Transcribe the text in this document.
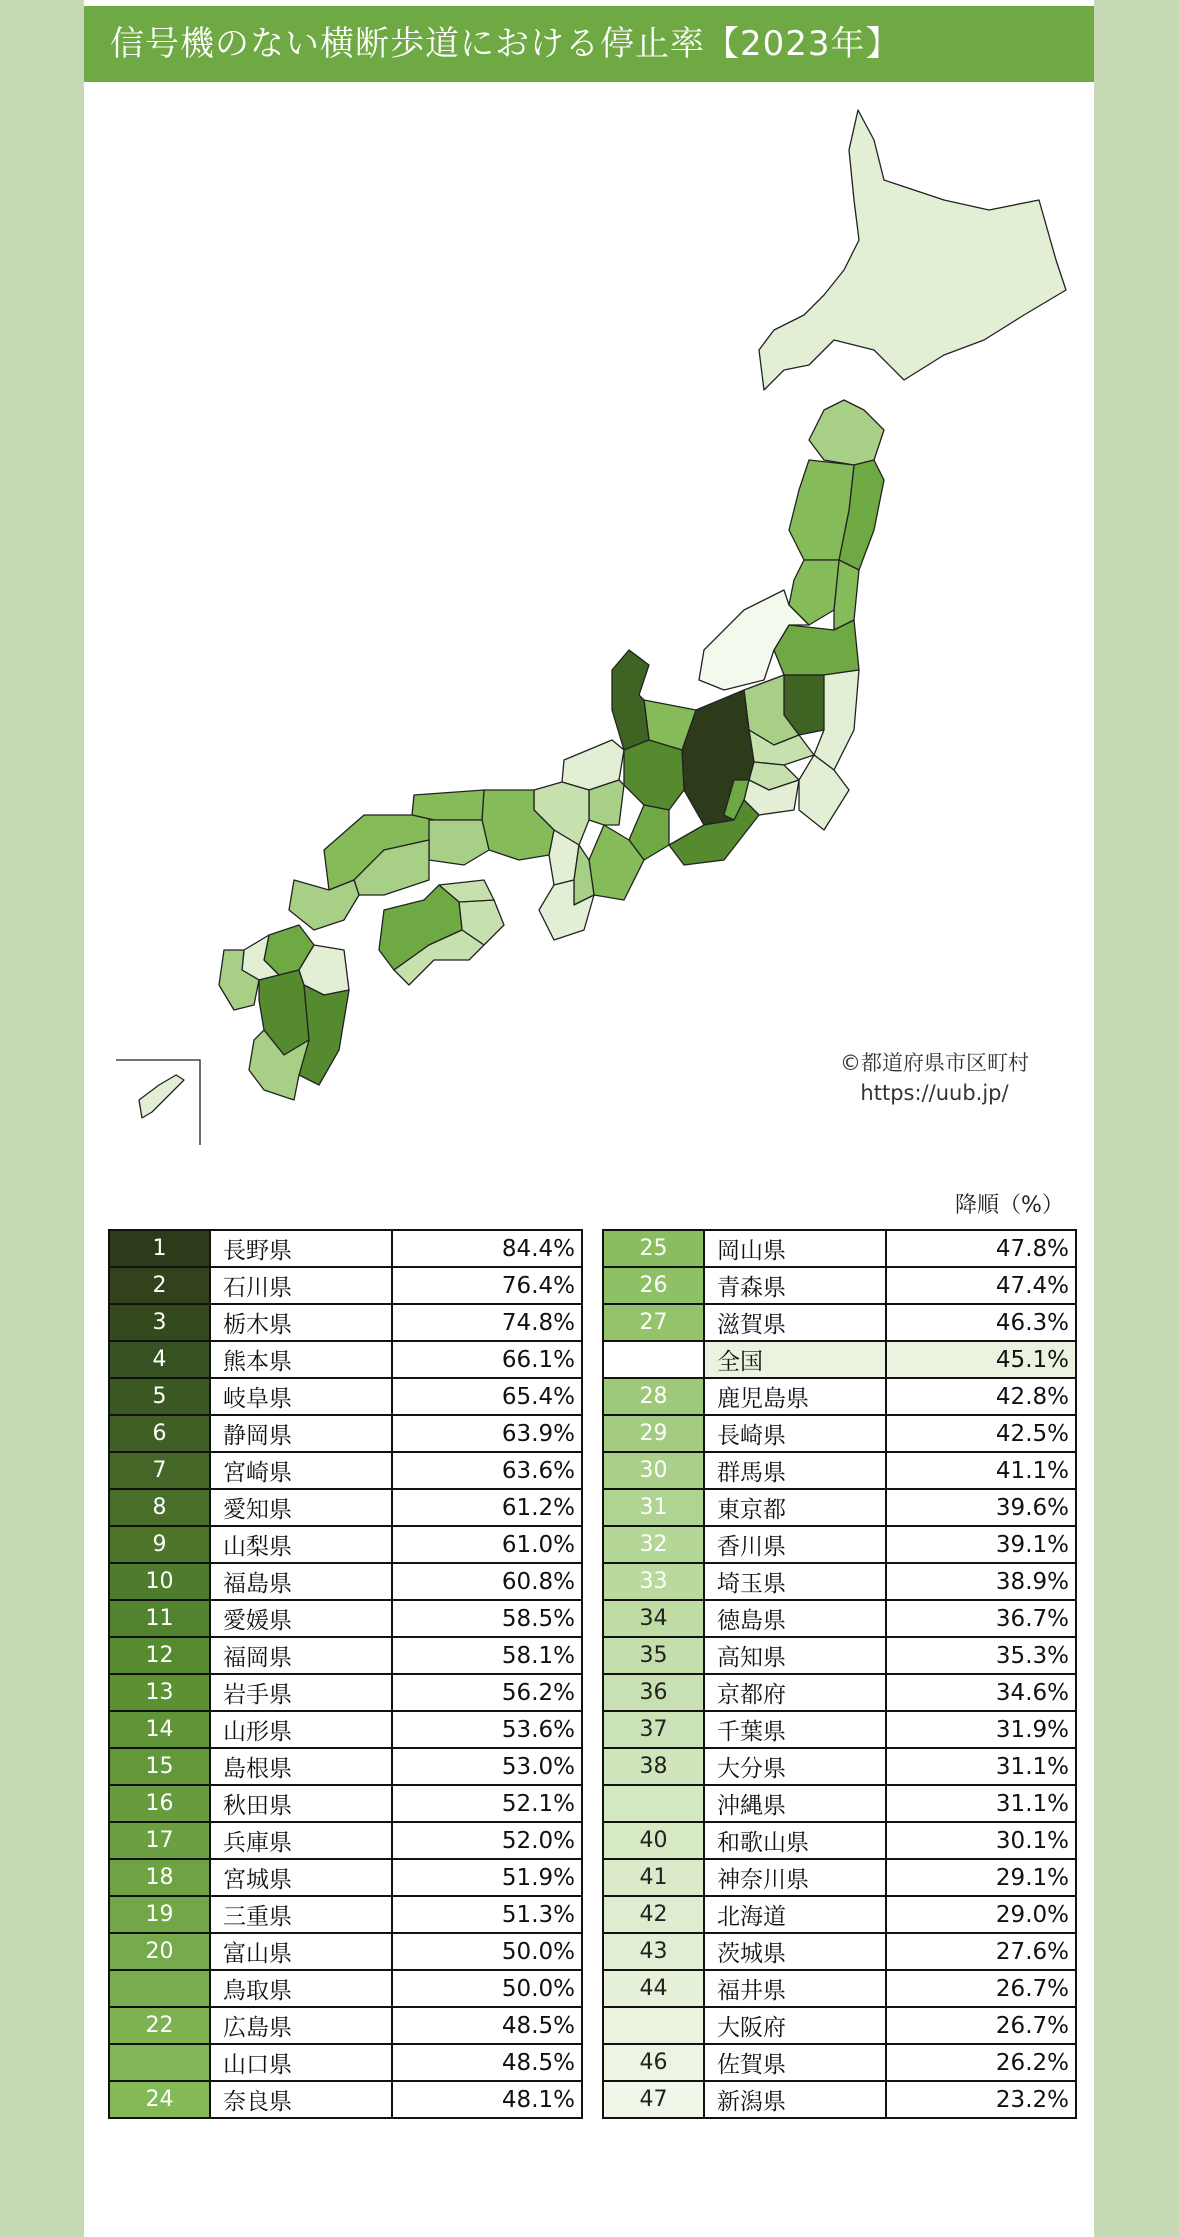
信号機のない横断歩道における停止率【2023年】
©都道府県市区町村
https://uub.jp/
降順（%）
1	長野県	84.4%
2	石川県	76.4%
3	栃木県	74.8%
4	熊本県	66.1%
5	岐阜県	65.4%
6	静岡県	63.9%
7	宮崎県	63.6%
8	愛知県	61.2%
9	山梨県	61.0%
10	福島県	60.8%
11	愛媛県	58.5%
12	福岡県	58.1%
13	岩手県	56.2%
14	山形県	53.6%
15	島根県	53.0%
16	秋田県	52.1%
17	兵庫県	52.0%
18	宮城県	51.9%
19	三重県	51.3%
20	富山県	50.0%
	鳥取県	50.0%
22	広島県	48.5%
	山口県	48.5%
24	奈良県	48.1%
25	岡山県	47.8%
26	青森県	47.4%
27	滋賀県	46.3%
	全国	45.1%
28	鹿児島県	42.8%
29	長崎県	42.5%
30	群馬県	41.1%
31	東京都	39.6%
32	香川県	39.1%
33	埼玉県	38.9%
34	徳島県	36.7%
35	高知県	35.3%
36	京都府	34.6%
37	千葉県	31.9%
38	大分県	31.1%
	沖縄県	31.1%
40	和歌山県	30.1%
41	神奈川県	29.1%
42	北海道	29.0%
43	茨城県	27.6%
44	福井県	26.7%
	大阪府	26.7%
46	佐賀県	26.2%
47	新潟県	23.2%
